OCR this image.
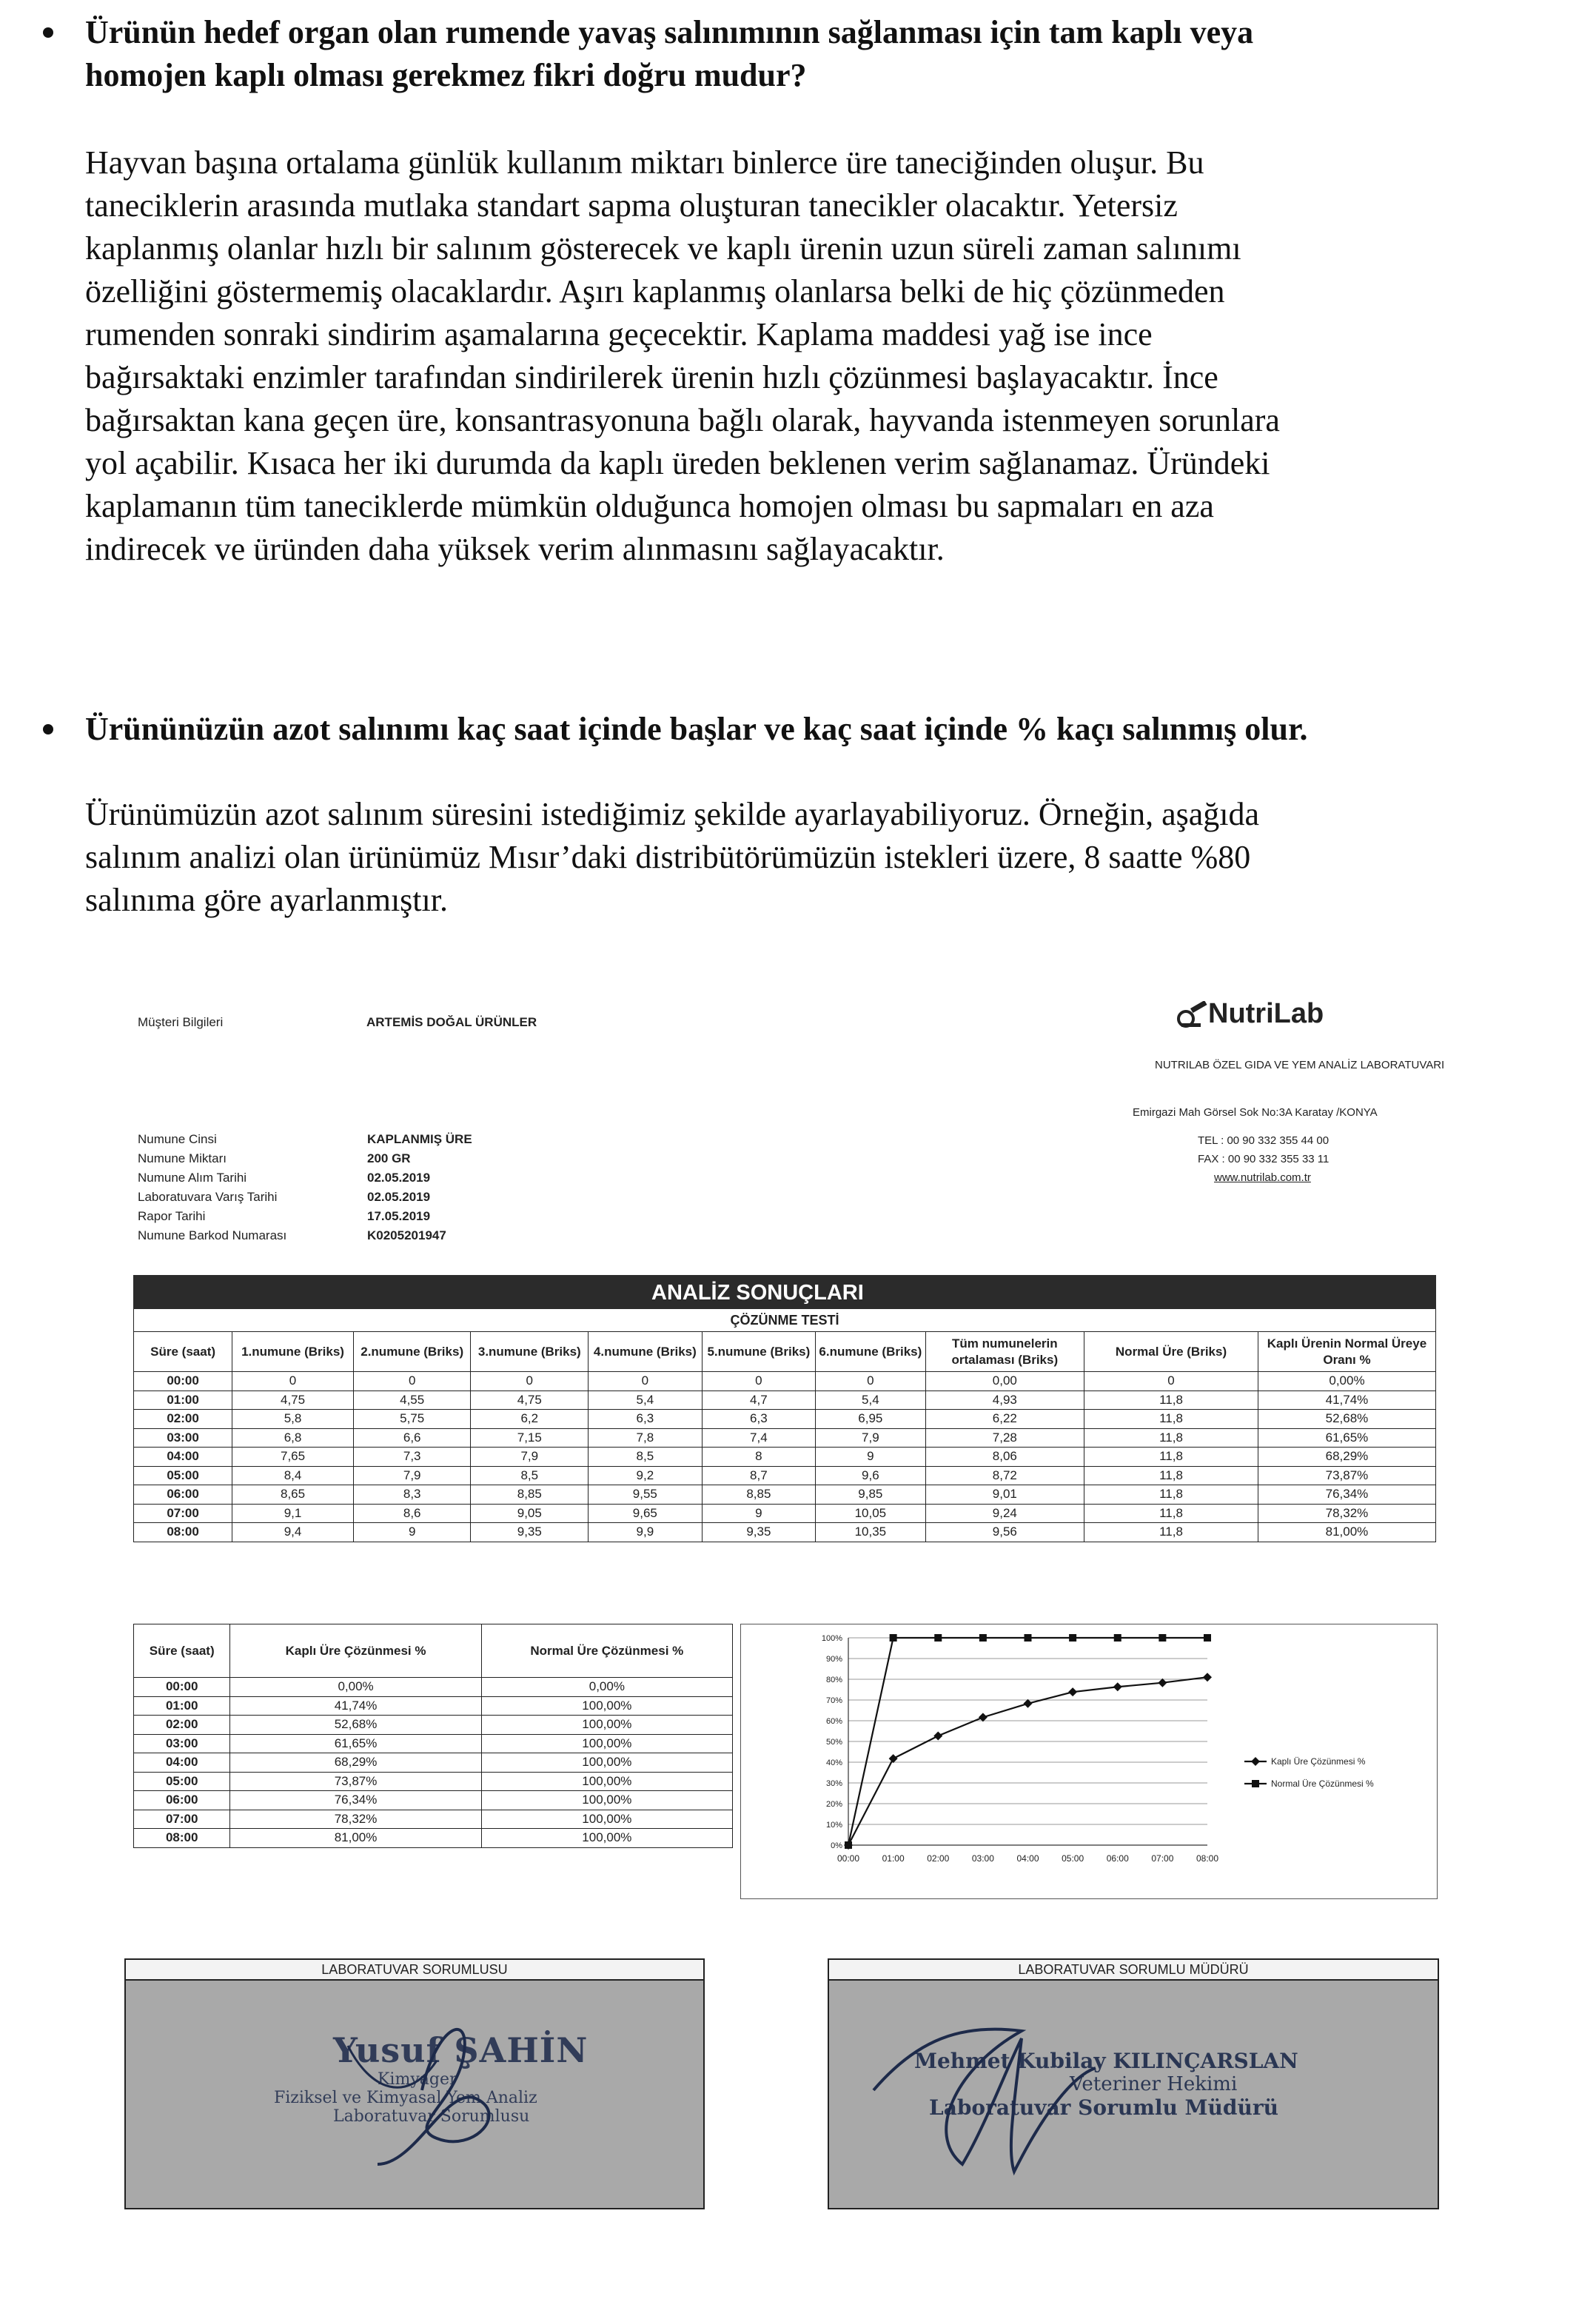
Ürünün hedef organ olan rumende yavaş salınımının sağlanması için tam kaplı veya
homojen kaplı olması gerekmez fikri doğru mudur?
Hayvan başına ortalama günlük kullanım miktarı binlerce üre taneciğinden oluşur. Bu
taneciklerin arasında mutlaka standart sapma oluşturan tanecikler olacaktır. Yetersiz
kaplanmış olanlar hızlı bir salınım gösterecek ve kaplı ürenin uzun süreli zaman salınımı
özelliğini göstermemiş olacaklardır. Aşırı kaplanmış olanlarsa belki de hiç çözünmeden
rumenden sonraki sindirim aşamalarına geçecektir. Kaplama maddesi yağ ise ince
bağırsaktaki enzimler tarafından sindirilerek ürenin hızlı çözünmesi başlayacaktır. İnce
bağırsaktan kana geçen üre, konsantrasyonuna bağlı olarak, hayvanda istenmeyen sorunlara
yol açabilir. Kısaca her iki durumda da kaplı üreden beklenen verim sağlanamaz. Üründeki
kaplamanın tüm taneciklerde mümkün olduğunca homojen olması bu sapmaları en aza
indirecek ve üründen daha yüksek verim alınmasını sağlayacaktır.
Ürününüzün azot salınımı kaç saat içinde başlar ve kaç saat içinde % kaçı salınmış olur.
Ürünümüzün azot salınım süresini istediğimiz şekilde ayarlayabiliyoruz. Örneğin, aşağıda
salınım analizi olan ürünümüz Mısır’daki distribütörümüzün istekleri üzere, 8 saatte %80
salınıma göre ayarlanmıştır.
Müşteri Bilgileri	ARTEMİS DOĞAL ÜRÜNLER	NutriLab
NUTRILAB ÖZEL GIDA VE YEM ANALİZ LABORATUVARI
Emirgazi Mah Görsel Sok No:3A Karatay /KONYA
TEL : 00 90 332 355 44 00
FAX : 00 90 332 355 33 11
www.nutrilab.com.tr
Numune Cinsi	KAPLANMIŞ ÜRE
Numune Miktarı	200 GR
Numune Alım Tarihi	02.05.2019
Laboratuvara Varış Tarihi	02.05.2019
Rapor Tarihi	17.05.2019
Numune Barkod Numarası	K0205201947
ANALİZ SONUÇLARI
ÇÖZÜNME TESTİ
Süre (saat)	1.numune (Briks)	2.numune (Briks)	3.numune (Briks)	4.numune (Briks)	5.numune (Briks)	6.numune (Briks)	Tüm numunelerin ortalaması (Briks)	Normal Üre (Briks)	Kaplı Ürenin Normal Üreye Oranı %
00:00	0	0	0	0	0	0	0,00	0	0,00%
01:00	4,75	4,55	4,75	5,4	4,7	5,4	4,93	11,8	41,74%
02:00	5,8	5,75	6,2	6,3	6,3	6,95	6,22	11,8	52,68%
03:00	6,8	6,6	7,15	7,8	7,4	7,9	7,28	11,8	61,65%
04:00	7,65	7,3	7,9	8,5	8	9	8,06	11,8	68,29%
05:00	8,4	7,9	8,5	9,2	8,7	9,6	8,72	11,8	73,87%
06:00	8,65	8,3	8,85	9,55	8,85	9,85	9,01	11,8	76,34%
07:00	9,1	8,6	9,05	9,65	9	10,05	9,24	11,8	78,32%
08:00	9,4	9	9,35	9,9	9,35	10,35	9,56	11,8	81,00%
Süre (saat)	Kaplı Üre Çözünmesi %	Normal Üre Çözünmesi %
00:00	0,00%	0,00%
01:00	41,74%	100,00%
02:00	52,68%	100,00%
03:00	61,65%	100,00%
04:00	68,29%	100,00%
05:00	73,87%	100,00%
06:00	76,34%	100,00%
07:00	78,32%	100,00%
08:00	81,00%	100,00%
0%
10%
20%
30%
40%
50%
60%
70%
80%
90%
100%
00:00	01:00	02:00	03:00	04:00	05:00	06:00	07:00	08:00
Kaplı Üre Çözünmesi %
Normal Üre Çözünmesi %
LABORATUVAR SORUMLUSU
Yusuf ŞAHİN
Kimyager
Fiziksel ve Kimyasal Yem Analiz
Laboratuvar Sorumlusu
LABORATUVAR SORUMLU MÜDÜRÜ
Mehmet Kubilay KILINÇARSLAN
Veteriner Hekimi
Laboratuvar Sorumlu Müdürü
